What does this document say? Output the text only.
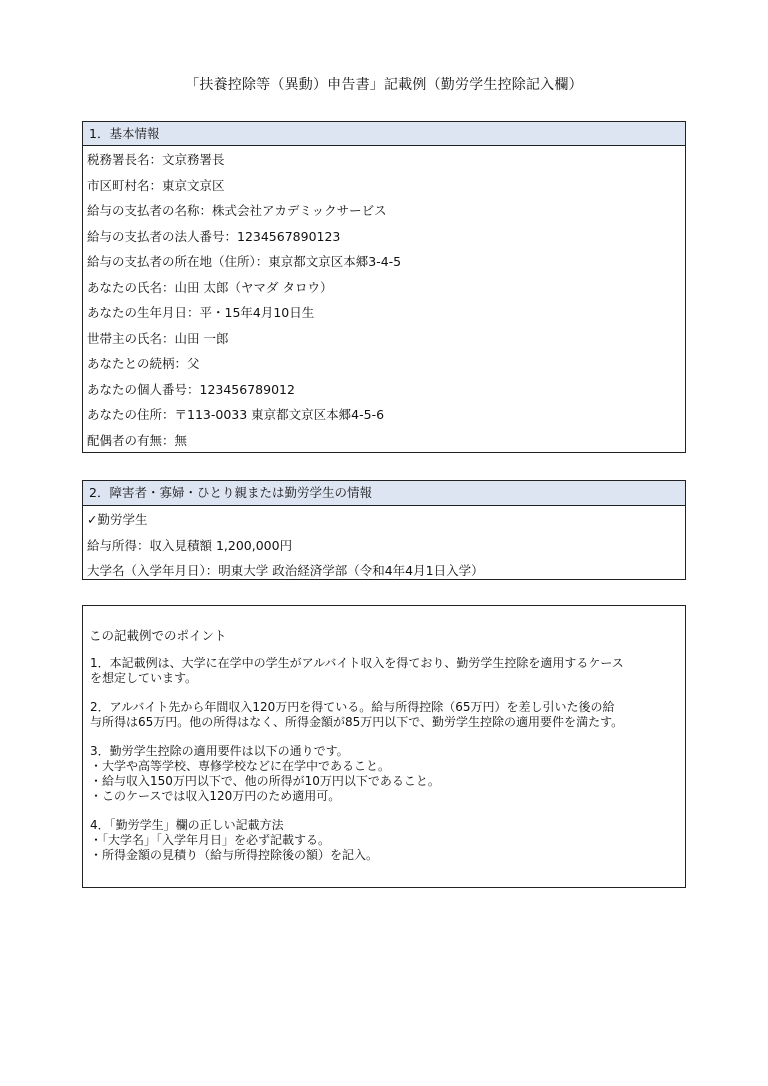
「扶養控除等（異動）申告書」記載例（勤労学生控除記入欄）
1．基本情報
税務署長名：文京務署長
市区町村名：東京文京区
給与の支払者の名称：株式会社アカデミックサービス
給与の支払者の法人番号：1234567890123
給与の支払者の所在地（住所）：東京都文京区本郷3-4-5
あなたの氏名：山田 太郎（ヤマダ タロウ）
あなたの生年月日：平・15年4月10日生
世帯主の氏名：山田 一郎
あなたとの続柄：父
あなたの個人番号：123456789012
あなたの住所：〒113-0033 東京都文京区本郷4-5-6
配偶者の有無：無
2．障害者・寡婦・ひとり親または勤労学生の情報
✓勤労学生
給与所得：収入見積額 1,200,000円
大学名（入学年月日）：明東大学 政治経済学部（令和4年4月1日入学）
この記載例でのポイント

1．本記載例は、大学に在学中の学生がアルバイト収入を得ており、勤労学生控除を適用するケース

を想定しています。

2．アルバイト先から年間収入120万円を得ている。給与所得控除（65万円）を差し引いた後の給

与所得は65万円。他の所得はなく、所得金額が85万円以下で、勤労学生控除の適用要件を満たす。

3．勤労学生控除の適用要件は以下の通りです。

・大学や高等学校、専修学校などに在学中であること。

・給与収入150万円以下で、他の所得が10万円以下であること。

・このケースでは収入120万円のため適用可。

4．「勤労学生」欄の正しい記載方法

・「大学名」「入学年月日」を必ず記載する。

・所得金額の見積り（給与所得控除後の額）を記入。
